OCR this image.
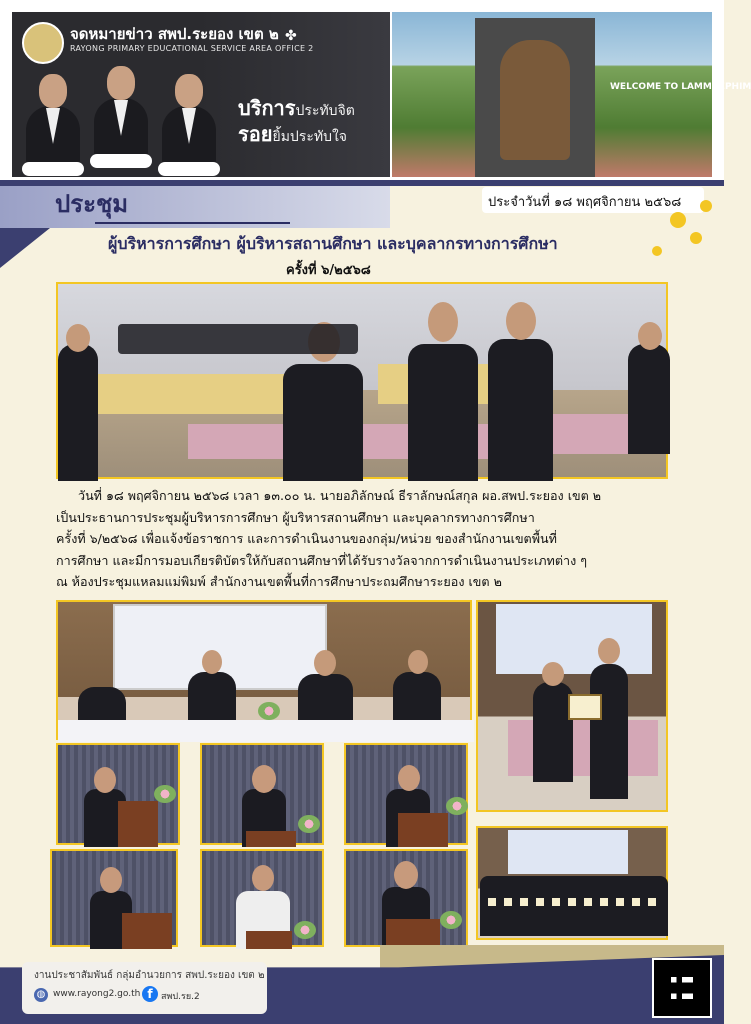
จดหมายข่าว สพป.ระยอง เขต ๒
RAYONG PRIMARY EDUCATIONAL SERVICE AREA OFFICE 2
✤
บริการประทับจิต
รอยยิ้มประทับใจ
WELCOME TO LAMMAEPHIM
ประชุม	ประจำวันที่ ๑๘ พฤศจิกายน ๒๕๖๘
ผู้บริหารการศึกษา ผู้บริหารสถานศึกษา และบุคลากรทางการศึกษา
ครั้งที่ ๖/๒๕๖๘

วันที่ ๑๘ พฤศจิกายน ๒๕๖๘ เวลา ๑๓.๐๐ น. นายอภิลักษณ์ ธีราลักษณ์สกุล ผอ.สพป.ระยอง เขต ๒

เป็นประธานการประชุมผู้บริหารการศึกษา ผู้บริหารสถานศึกษา และบุคลากรทางการศึกษา

ครั้งที่ ๖/๒๕๖๘ เพื่อแจ้งข้อราชการ และการดำเนินงานของกลุ่ม/หน่วย ของสำนักงานเขตพื้นที่

การศึกษา และมีการมอบเกียรติบัตรให้กับสถานศึกษาที่ได้รับรางวัลจากการดำเนินงานประเภทต่าง ๆ

ณ ห้องประชุมแหลมแม่พิมพ์ สำนักงานเขตพื้นที่การศึกษาประถมศึกษาระยอง เขต ๒

งานประชาสัมพันธ์ กลุ่มอำนวยการ สพป.ระยอง เขต ๒
◍ www.rayong2.go.th f สพป.รย.2
